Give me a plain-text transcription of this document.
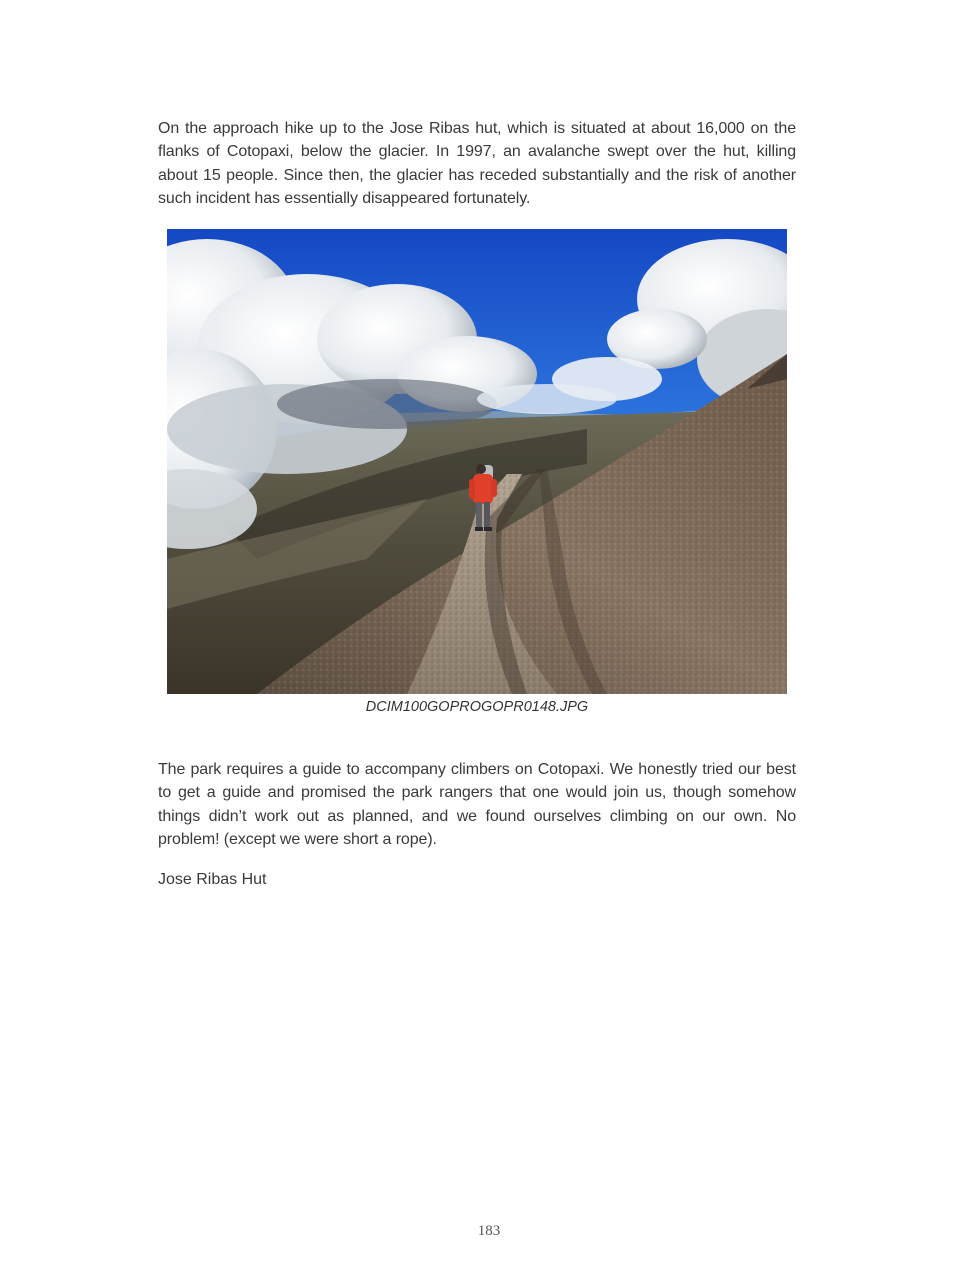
On the approach hike up to the Jose Ribas hut, which is situated at about 16,000 on the flanks of Cotopaxi, below the glacier. In 1997, an avalanche swept over the hut, killing about 15 people. Since then, the glacier has receded substantially and the risk of another such incident has essentially disappeared fortunately.

DCIM100GOPROGOPR0148.JPG

The park requires a guide to accompany climbers on Cotopaxi. We honestly tried our best to get a guide and promised the park rangers that one would join us, though somehow things didn’t work out as planned, and we found ourselves climbing on our own. No problem! (except we were short a rope).

Jose Ribas Hut

183
